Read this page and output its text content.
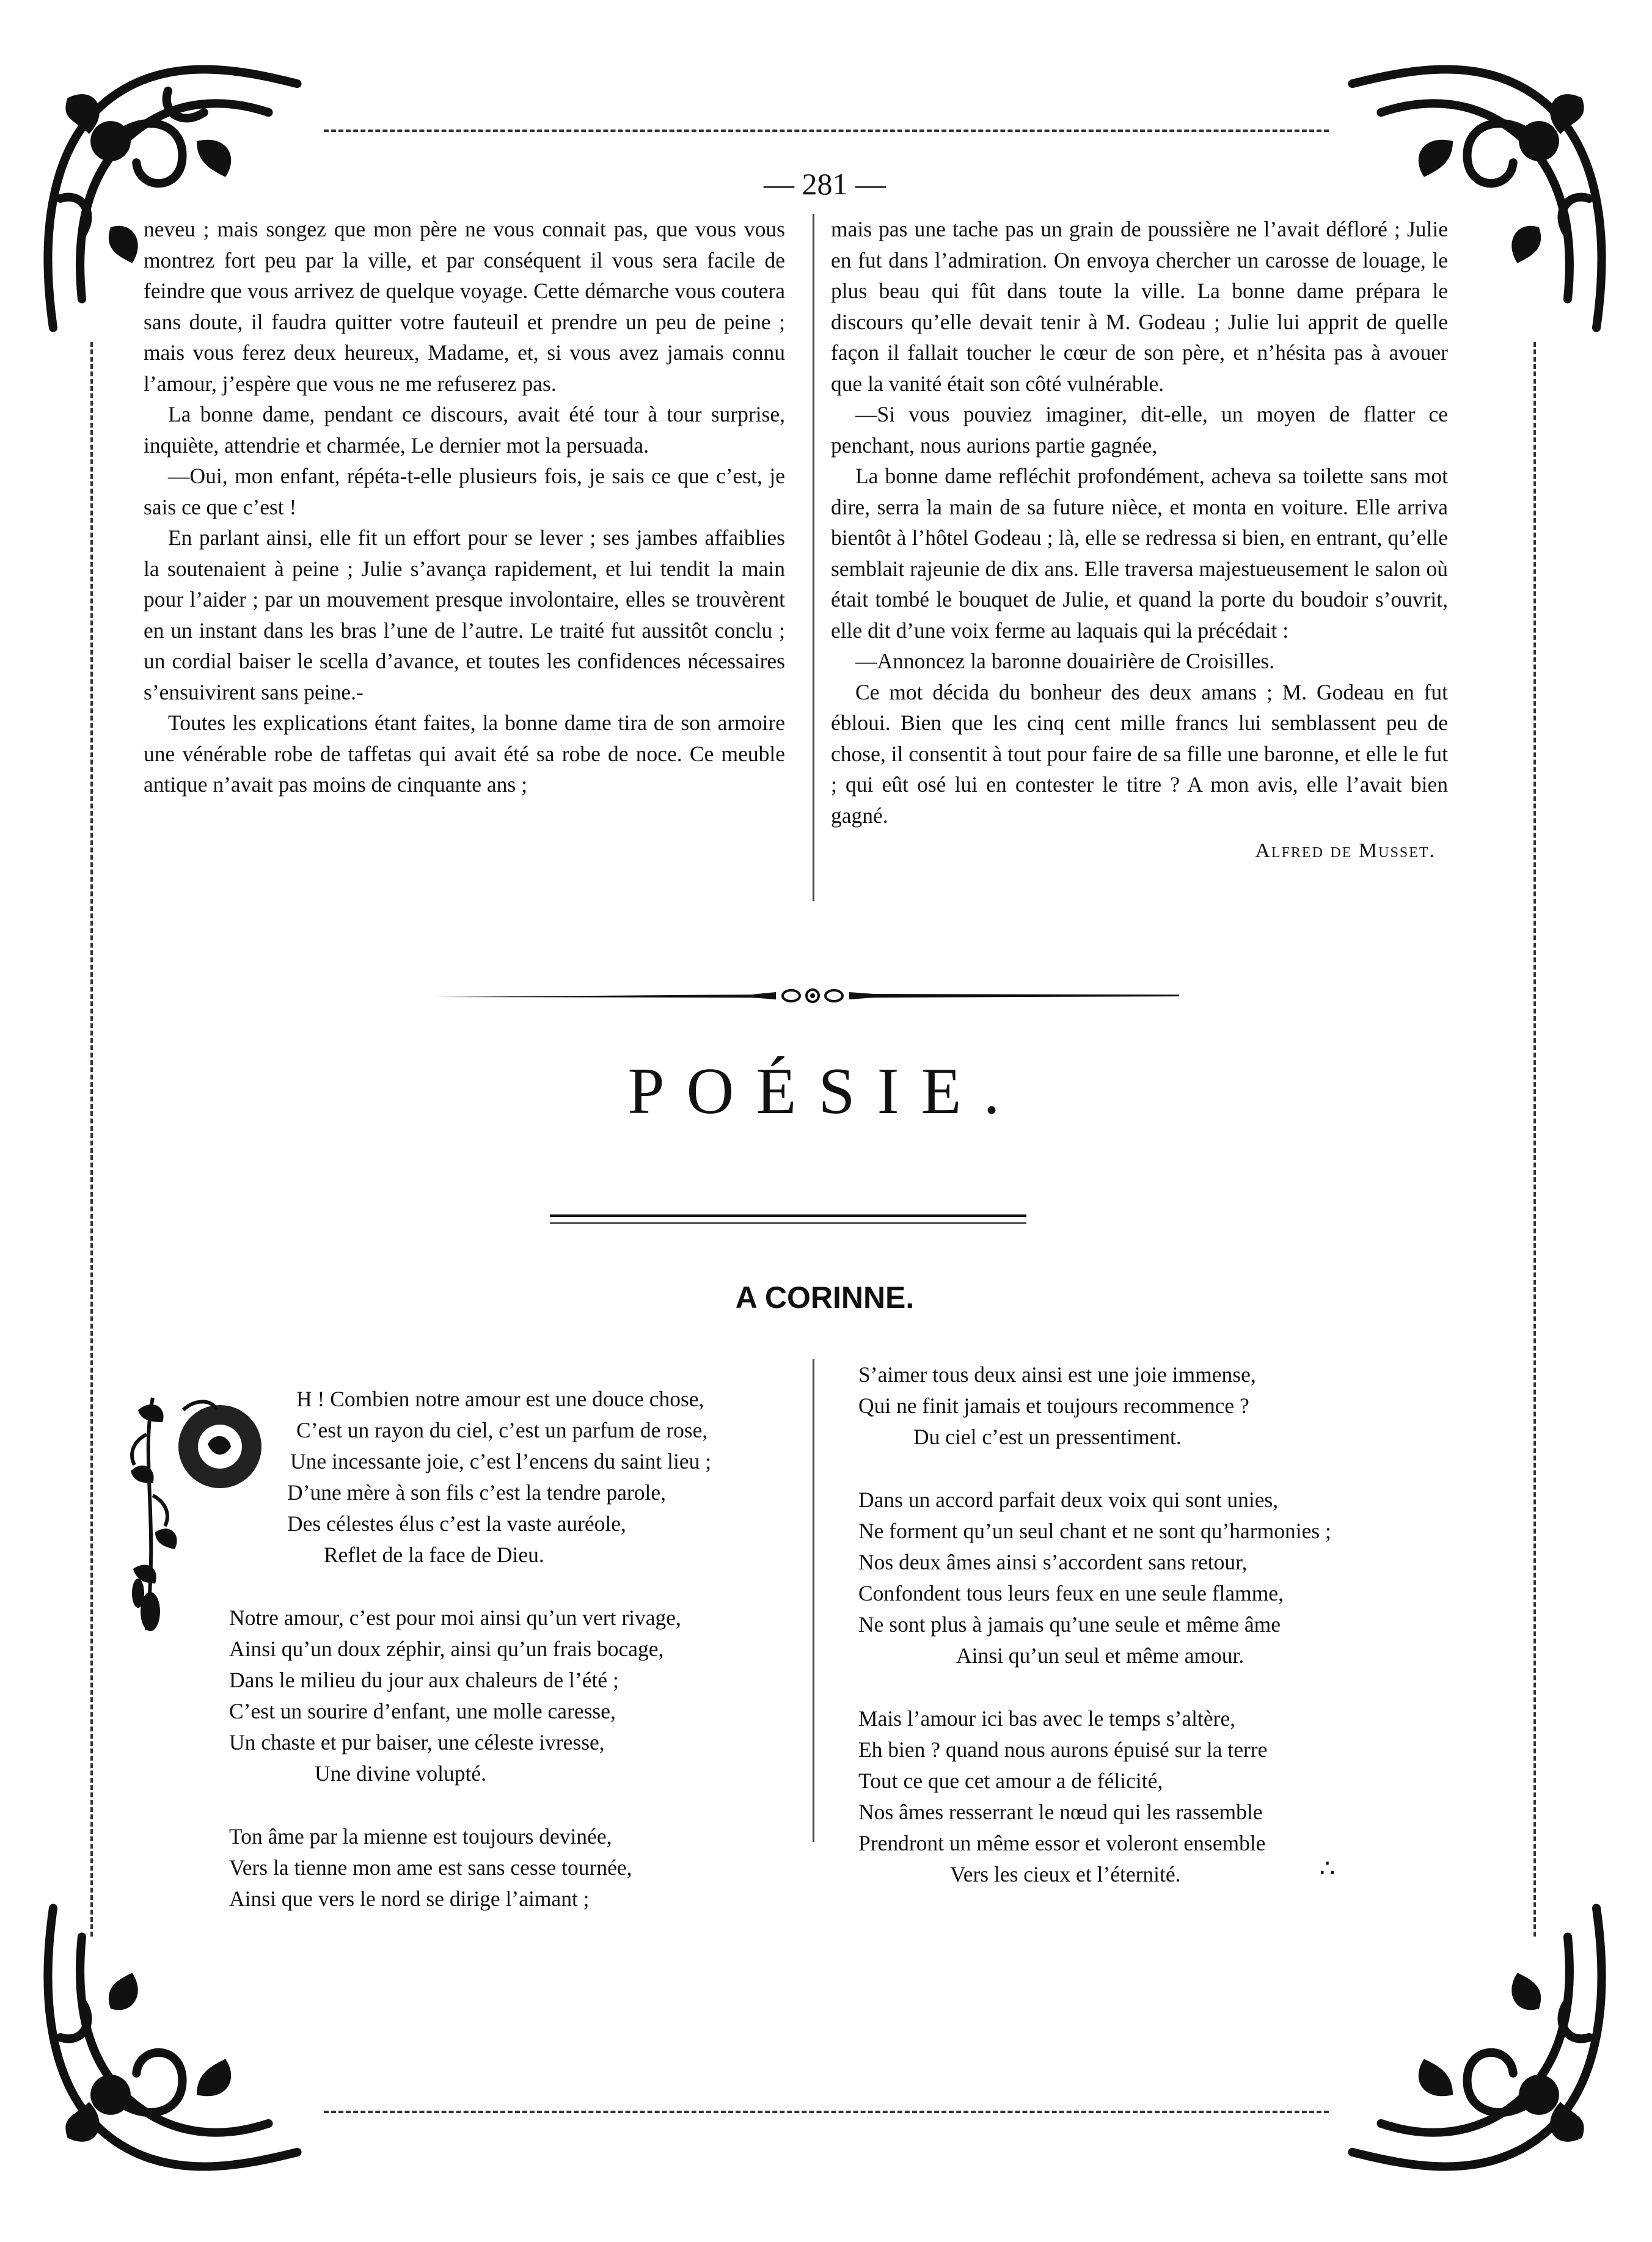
— 281 —

neveu ; mais songez que mon père ne vous connait pas, que vous vous montrez fort peu par la ville, et par conséquent il vous sera facile de feindre que vous arrivez de quelque voyage. Cette démarche vous coutera sans doute, il faudra quitter votre fauteuil et prendre un peu de peine ; mais vous ferez deux heureux, Madame, et, si vous avez jamais connu l’amour, j’espère que vous ne me refuserez pas.

La bonne dame, pendant ce discours, avait été tour à tour surprise, inquiète, attendrie et charmée, Le dernier mot la persuada.

—Oui, mon enfant, répéta-t-elle plusieurs fois, je sais ce que c’est, je sais ce que c’est !

En parlant ainsi, elle fit un effort pour se lever ; ses jambes affaiblies la soutenaient à peine ; Julie s’avança rapidement, et lui tendit la main pour l’aider ; par un mouvement presque involontaire, elles se trouvèrent en un instant dans les bras l’une de l’autre. Le traité fut aussitôt conclu ; un cordial baiser le scella d’avance, et toutes les confidences nécessaires s’ensuivirent sans peine.-

Toutes les explications étant faites, la bonne dame tira de son armoire une vénérable robe de taffetas qui avait été sa robe de noce. Ce meuble antique n’avait pas moins de cinquante ans ;

mais pas une tache pas un grain de poussière ne l’avait défloré ; Julie en fut dans l’admiration. On envoya chercher un carosse de louage, le plus beau qui fût dans toute la ville. La bonne dame prépara le discours qu’elle devait tenir à M. Godeau ; Julie lui apprit de quelle façon il fallait toucher le cœur de son père, et n’hésita pas à avouer que la vanité était son côté vulnérable.

—Si vous pouviez imaginer, dit-elle, un moyen de flatter ce penchant, nous aurions partie gagnée,

La bonne dame refléchit profondément, acheva sa toilette sans mot dire, serra la main de sa future nièce, et monta en voiture. Elle arriva bientôt à l’hôtel Godeau ; là, elle se redressa si bien, en entrant, qu’elle semblait rajeunie de dix ans. Elle traversa majestueusement le salon où était tombé le bouquet de Julie, et quand la porte du boudoir s’ouvrit, elle dit d’une voix ferme au laquais qui la précédait :

—Annoncez la baronne douairière de Croisilles.

Ce mot décida du bonheur des deux amans ; M. Godeau en fut ébloui. Bien que les cinq cent mille francs lui semblassent peu de chose, il consentit à tout pour faire de sa fille une baronne, et elle le fut ; qui eût osé lui en contester le titre ? A mon avis, elle l’avait bien gagné.

Alfred de Musset.
POÉSIE.
A CORINNE.
H ! Combien notre amour est une douce chose,
C’est un rayon du ciel, c’est un parfum de rose,
Une incessante joie, c’est l’encens du saint lieu ;
D’une mère à son fils c’est la tendre parole,
Des célestes élus c’est la vaste auréole,
Reflet de la face de Dieu.
Notre amour, c’est pour moi ainsi qu’un vert rivage,
Ainsi qu’un doux zéphir, ainsi qu’un frais bocage,
Dans le milieu du jour aux chaleurs de l’été ;
C’est un sourire d’enfant, une molle caresse,
Un chaste et pur baiser, une céleste ivresse,
Une divine volupté.
Ton âme par la mienne est toujours devinée,
Vers la tienne mon ame est sans cesse tournée,
Ainsi que vers le nord se dirige l’aimant ;
S’aimer tous deux ainsi est une joie immense,
Qui ne finit jamais et toujours recommence ?
Du ciel c’est un pressentiment.
Dans un accord parfait deux voix qui sont unies,
Ne forment qu’un seul chant et ne sont qu’harmonies ;
Nos deux âmes ainsi s’accordent sans retour,
Confondent tous leurs feux en une seule flamme,
Ne sont plus à jamais qu’une seule et même âme
Ainsi qu’un seul et même amour.
Mais l’amour ici bas avec le temps s’altère,
Eh bien ? quand nous aurons épuisé sur la terre
Tout ce que cet amour a de félicité,
Nos âmes resserrant le nœud qui les rassemble
Prendront un même essor et voleront ensemble
Vers les cieux et l’éternité.	∴
